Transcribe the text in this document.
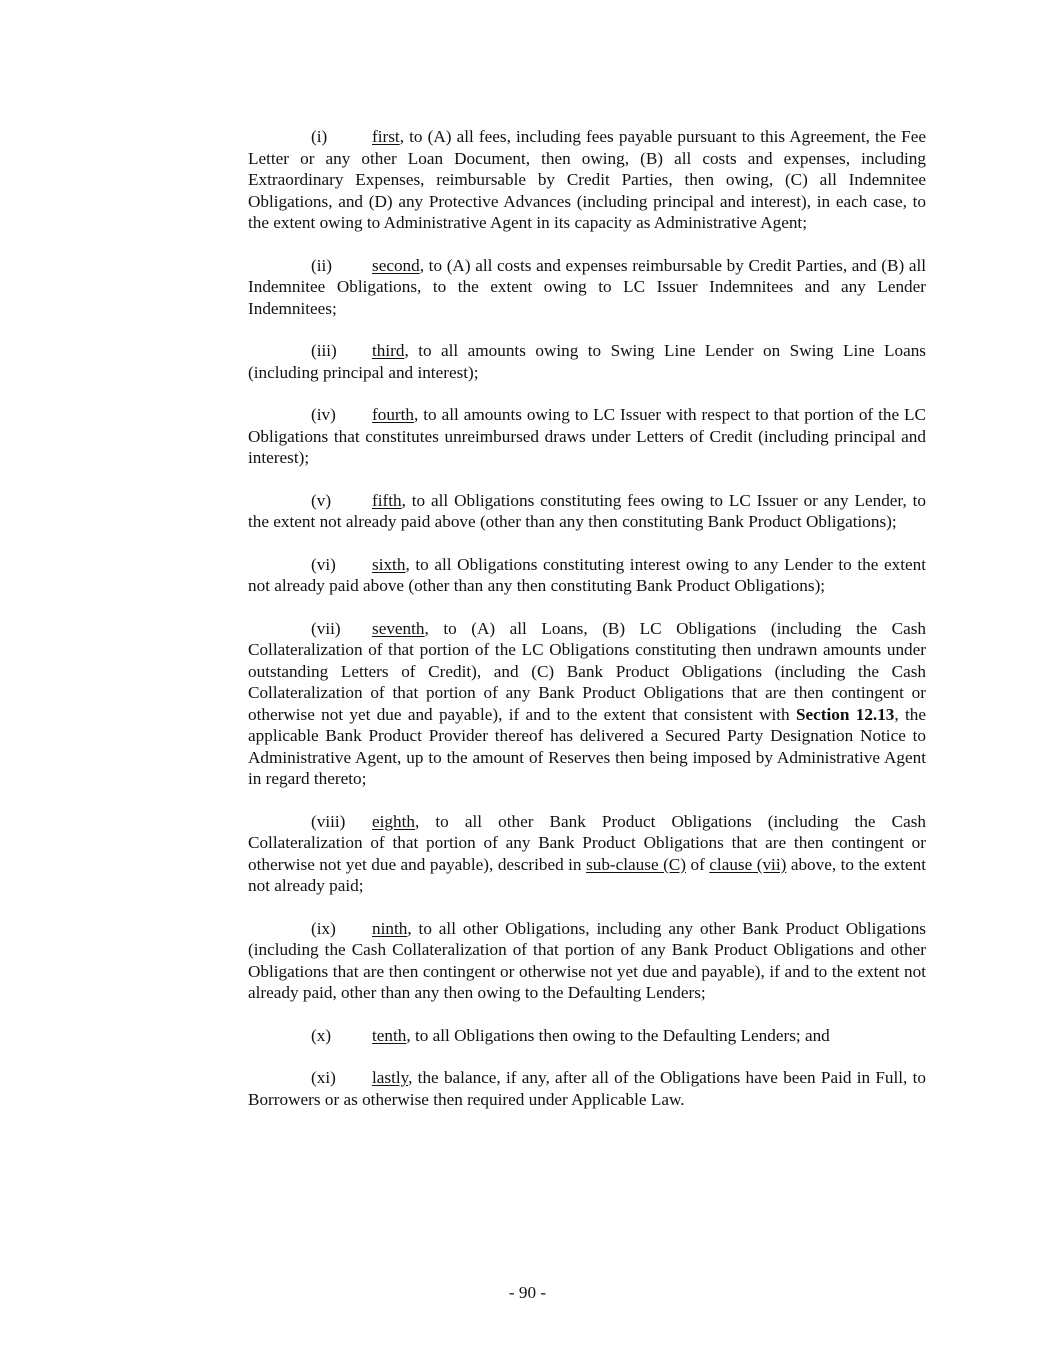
(i)	first, to (A) all fees, including fees payable pursuant to this Agreement, the Fee Letter or any other Loan Document, then owing, (B) all costs and expenses, including Extraordinary Expenses, reimbursable by Credit Parties, then owing, (C) all Indemnitee Obligations, and (D) any Protective Advances (including principal and interest), in each case, to the extent owing to Administrative Agent in its capacity as Administrative Agent;

(ii) second, to (A) all costs and expenses reimbursable by Credit Parties, and (B) all Indemnitee Obligations, to the extent owing to LC Issuer Indemnitees and any Lender Indemnitees;

(iii) third, to all amounts owing to Swing Line Lender on Swing Line Loans (including principal and interest);

(iv) fourth, to all amounts owing to LC Issuer with respect to that portion of the LC Obligations that constitutes unreimbursed draws under Letters of Credit (including principal and interest);

(v) fifth, to all Obligations constituting fees owing to LC Issuer or any Lender, to the extent not already paid above (other than any then constituting Bank Product Obligations);

(vi) sixth, to all Obligations constituting interest owing to any Lender to the extent not already paid above (other than any then constituting Bank Product Obligations);

(vii) seventh, to (A) all Loans, (B) LC Obligations (including the Cash Collateralization of that portion of the LC Obligations constituting then undrawn amounts under outstanding Letters of Credit), and (C) Bank Product Obligations (including the Cash Collateralization of that portion of any Bank Product Obligations that are then contingent or otherwise not yet due and payable), if and to the extent that consistent with Section 12.13, the applicable Bank Product Provider thereof has delivered a Secured Party Designation Notice to Administrative Agent, up to the amount of Reserves then being imposed by Administrative Agent in regard thereto;

(viii) eighth, to all other Bank Product Obligations (including the Cash Collateralization of that portion of any Bank Product Obligations that are then contingent or otherwise not yet due and payable), described in sub-clause (C) of clause (vii) above, to the extent not already paid;

(ix) ninth, to all other Obligations, including any other Bank Product Obligations (including the Cash Collateralization of that portion of any Bank Product Obligations and other Obligations that are then contingent or otherwise not yet due and payable), if and to the extent not already paid, other than any then owing to the Defaulting Lenders;

(x) tenth, to all Obligations then owing to the Defaulting Lenders; and

(xi) lastly, the balance, if any, after all of the Obligations have been Paid in Full, to Borrowers or as otherwise then required under Applicable Law.

- 90 -
